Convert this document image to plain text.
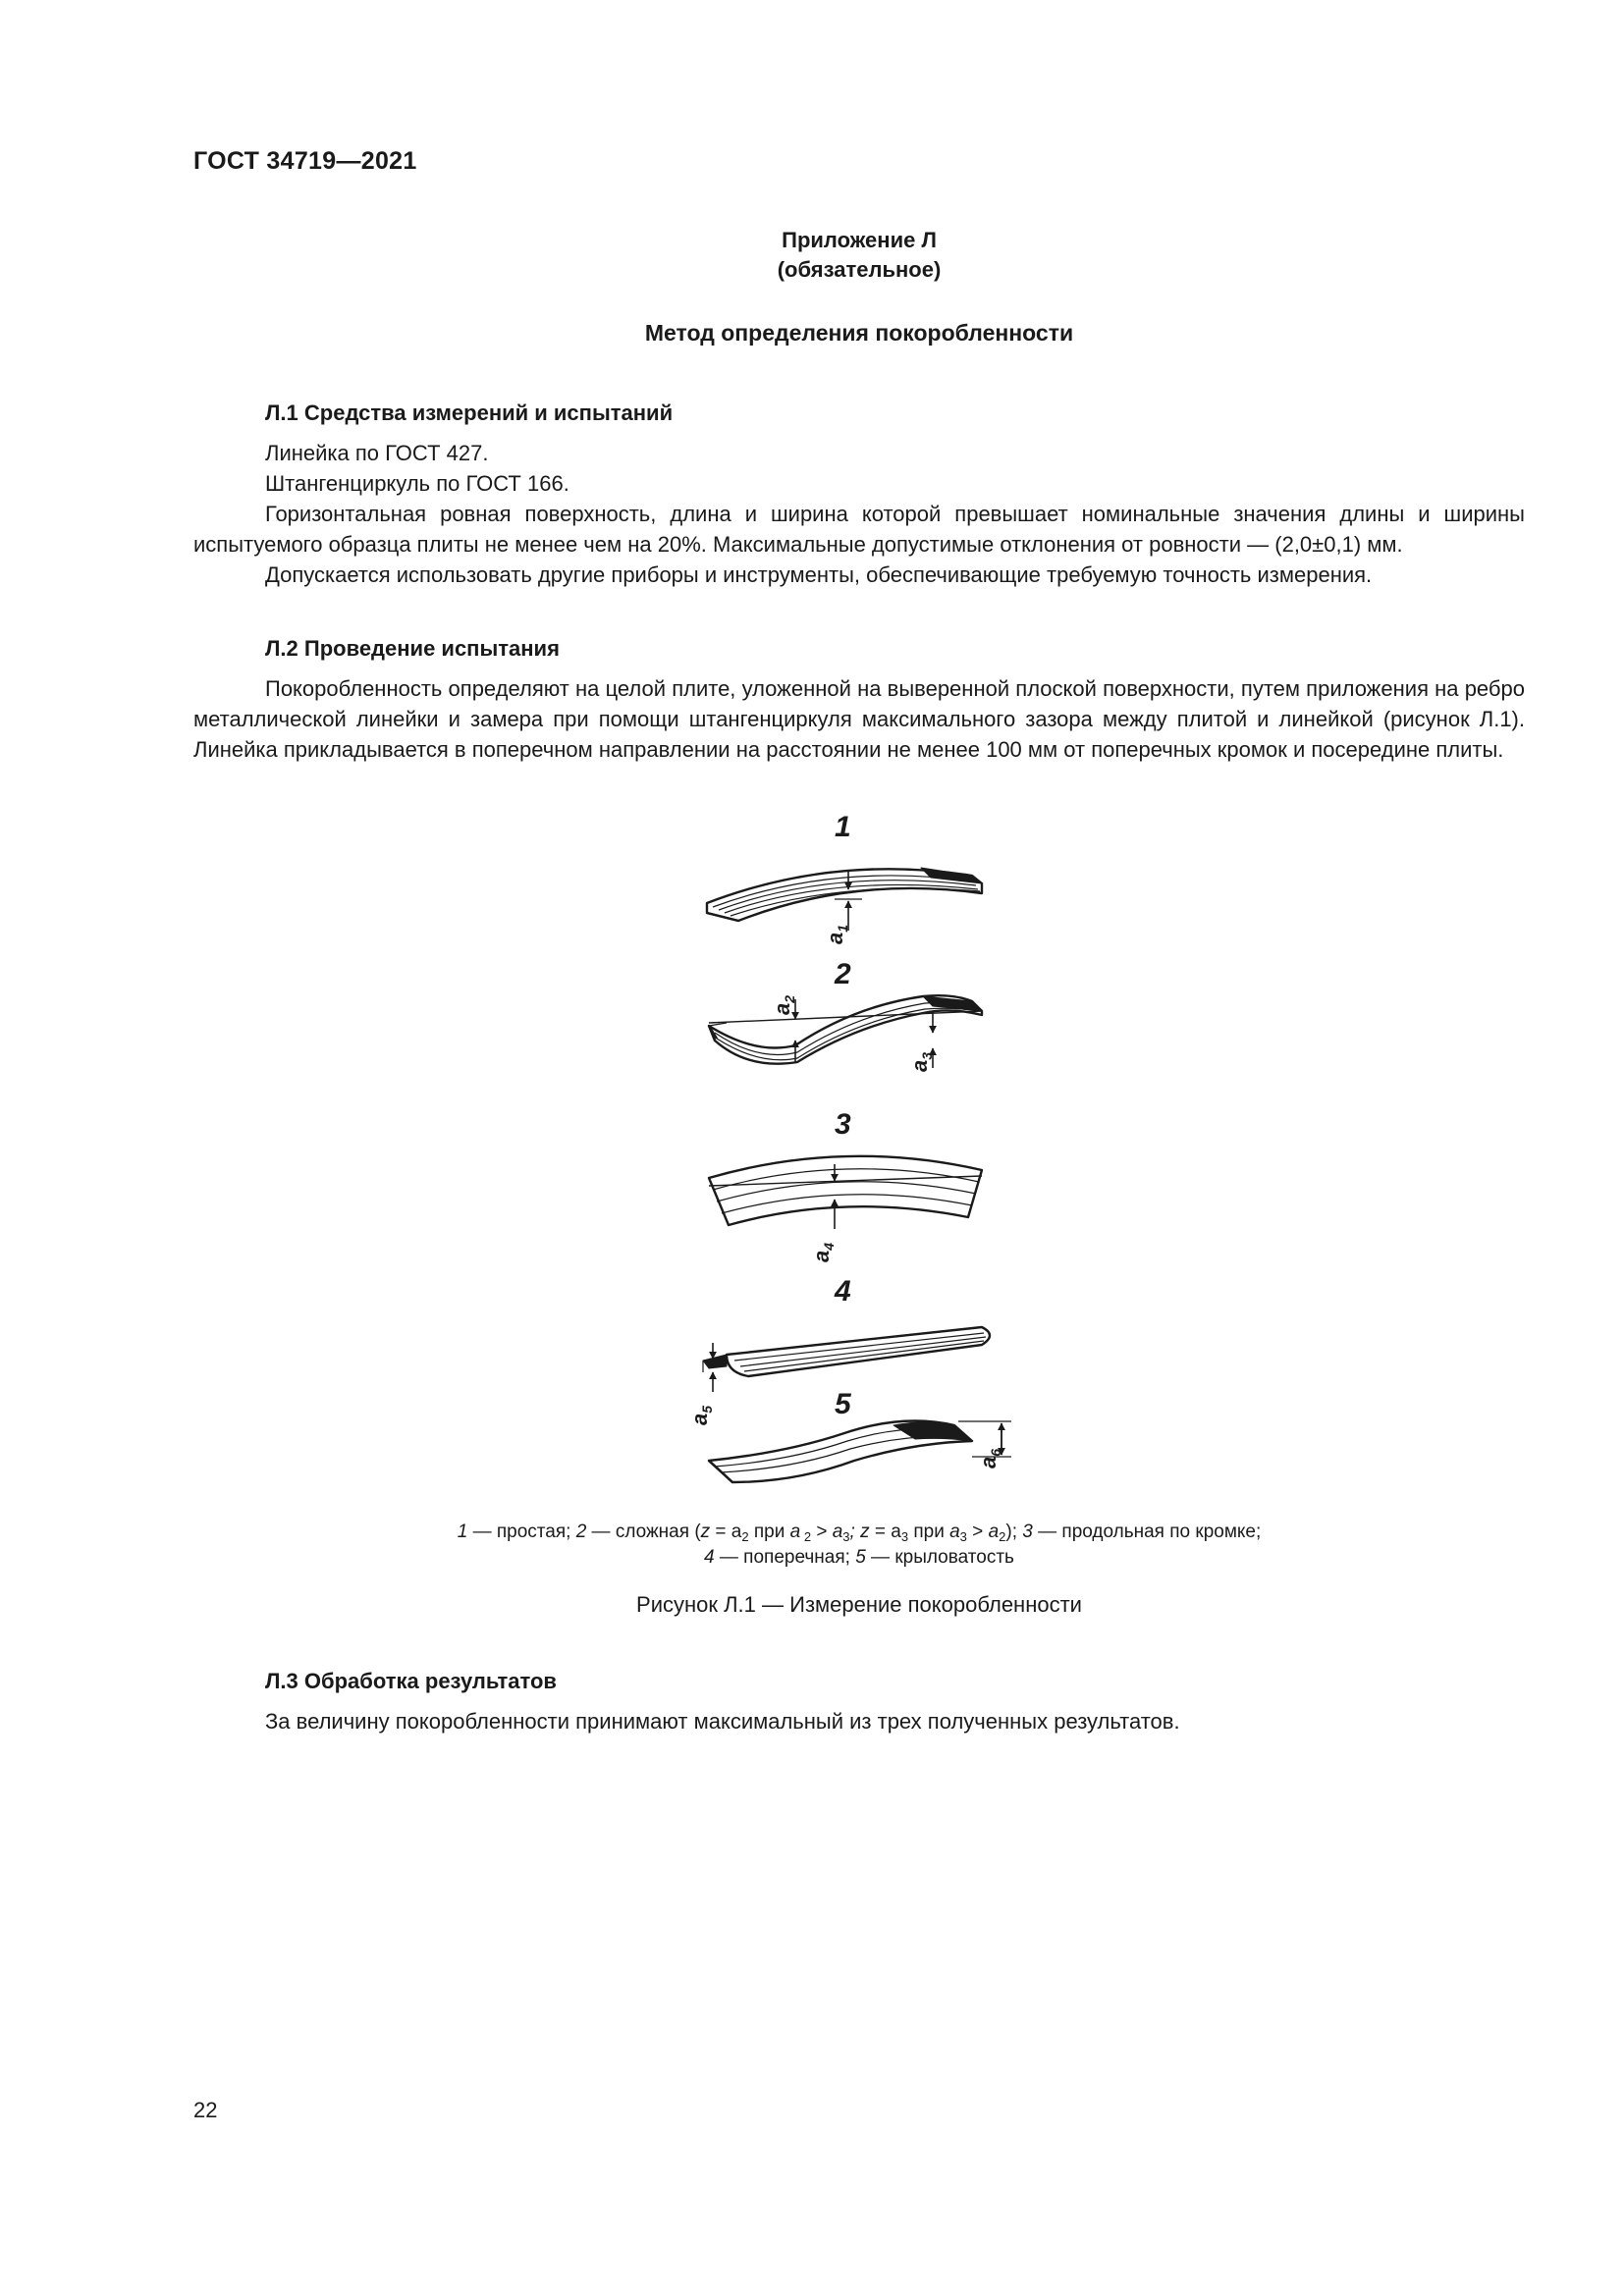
ГОСТ 34719—2021
Приложение Л
(обязательное)
Метод определения покоробленности
Л.1 Средства измерений и испытаний

Линейка по ГОСТ 427.

Штангенциркуль по ГОСТ 166.

Горизонтальная ровная поверхность, длина и ширина которой превышает номинальные значения длины и ширины испытуемого образца плиты не менее чем на 20%. Максимальные допустимые отклонения от ровности — (2,0±0,1) мм.

Допускается использовать другие приборы и инструменты, обеспечивающие требуемую точность измерения.

Л.2 Проведение испытания

Покоробленность определяют на целой плите, уложенной на выверенной плоской поверхности, путем приложения на ребро металлической линейки и замера при помощи штангенциркуля максимального зазора между плитой и линейкой (рисунок Л.1). Линейка прикладывается в поперечном направлении на расстоянии не менее 100 мм от поперечных кромок и посередине плиты.

1
2
3
4
5
$a_1$
$a_2$
$a_3$
$a_4$
$a_5$
$a_6$
1 — простая; 2 — сложная ($z = a_2$ при a $_2 > a_3$; $z = a_3$ при $a_3 > a_2$); 3 — продольная по кромке;
4 — поперечная; 5 — крыловатость
Рисунок Л.1 — Измерение покоробленности
Л.3 Обработка результатов

За величину покоробленности принимают максимальный из трех полученных результатов.

22
